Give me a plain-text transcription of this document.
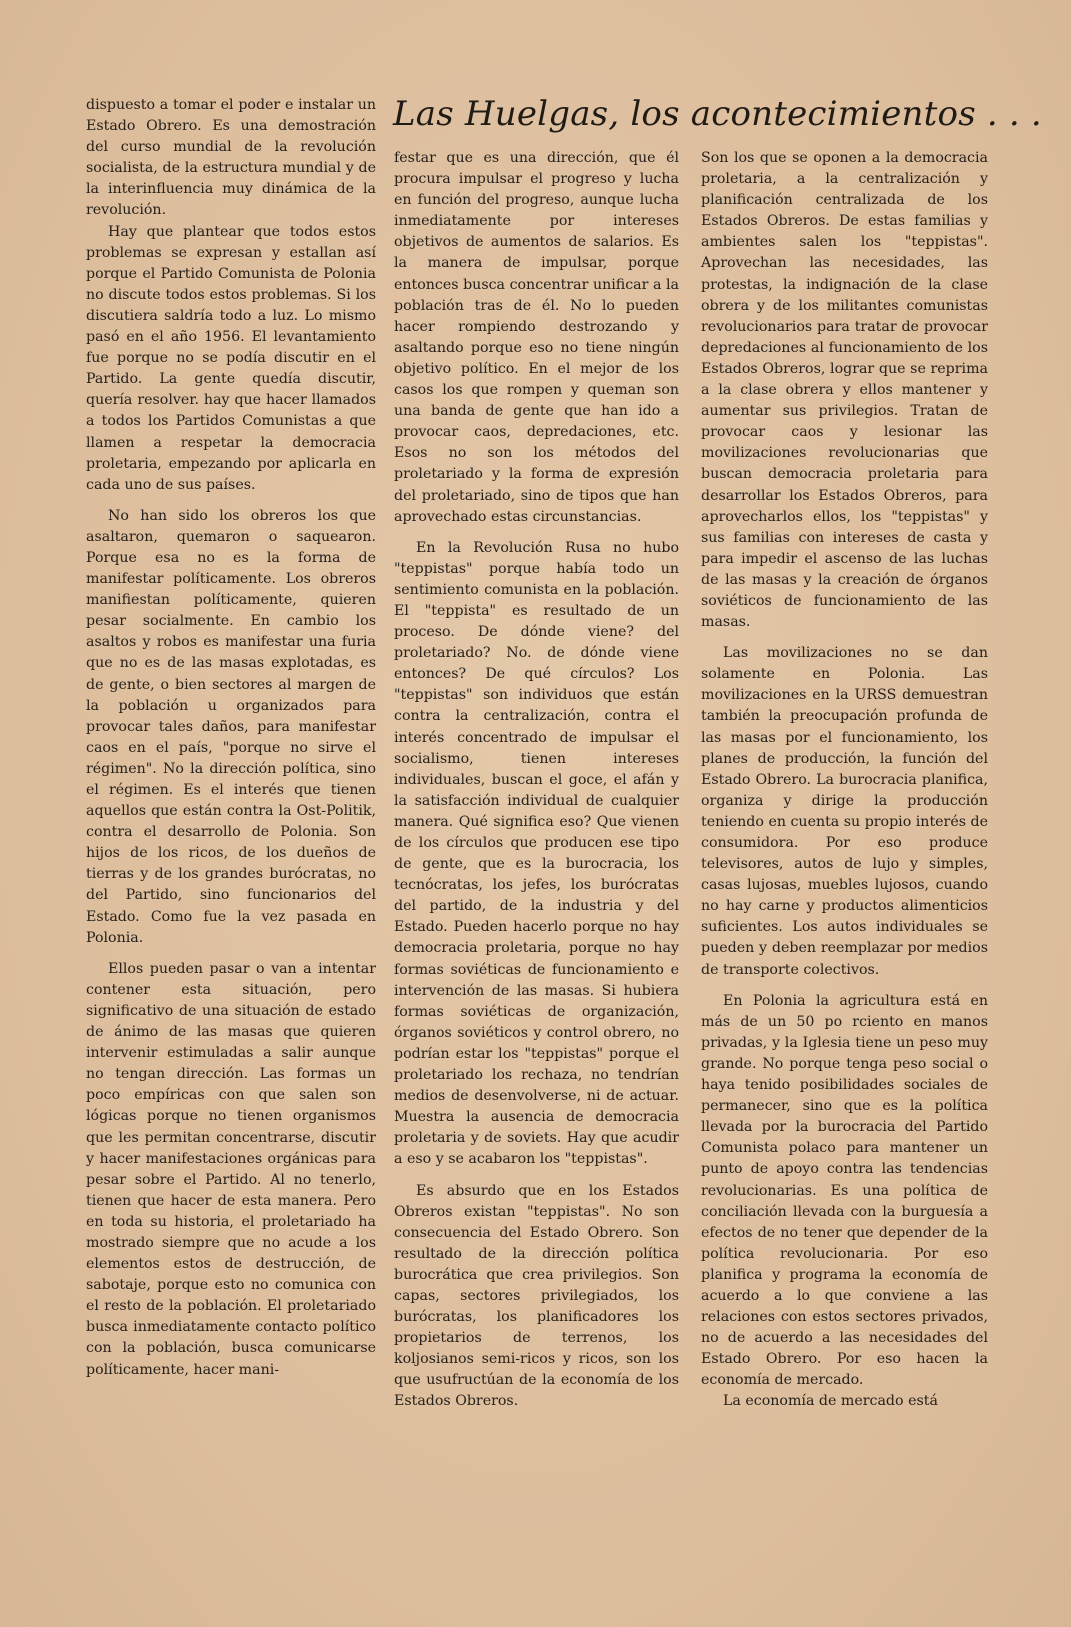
Las Huelgas, los acontecimientos . . .

dispuesto a tomar el poder e instalar un Estado Obrero. Es una demostración del curso mundial de la revolución socialista, de la estructura mundial y de la interinfluencia muy dinámica de la revolución.

Hay que plantear que todos estos problemas se expresan y estallan así porque el Partido Comunista de Polonia no discute todos estos problemas. Si los discutiera saldría todo a luz. Lo mismo pasó en el año 1956. El levantamiento fue porque no se podía discutir en el Partido. La gente quedía discutir, quería resolver. hay que hacer llamados a todos los Partidos Comunistas a que llamen a respetar la democracia proletaria, empezando por aplicarla en cada uno de sus países.

No han sido los obreros los que asaltaron, quemaron o saquearon. Porque esa no es la forma de manifestar políticamente. Los obreros manifiestan políticamente, quieren pesar socialmente. En cambio los asaltos y robos es manifestar una furia que no es de las masas explotadas, es de gente, o bien sectores al margen de la población u organizados para provocar tales daños, para manifestar caos en el país, "porque no sirve el régimen". No la dirección política, sino el régimen. Es el interés que tienen aquellos que están contra la Ost-Politik, contra el desarrollo de Polonia. Son hijos de los ricos, de los dueños de tierras y de los grandes burócratas, no del Partido, sino funcionarios del Estado. Como fue la vez pasada en Polonia.

Ellos pueden pasar o van a intentar contener esta situación, pero significativo de una situación de estado de ánimo de las masas que quieren intervenir estimuladas a salir aunque no tengan dirección. Las formas un poco empíricas con que salen son lógicas porque no tienen organismos que les permitan concentrarse, discutir y hacer manifestaciones orgánicas para pesar sobre el Partido. Al no tenerlo, tienen que hacer de esta manera. Pero en toda su historia, el proletariado ha mostrado siempre que no acude a los elementos estos de destrucción, de sabotaje, porque esto no comunica con el resto de la población. El proletariado busca inmediatamente contacto político con la población, busca comunicarse políticamente, hacer mani-

festar que es una dirección, que él procura impulsar el progreso y lucha en función del progreso, aunque lucha inmediatamente por intereses objetivos de aumentos de salarios. Es la manera de impulsar, porque entonces busca concentrar unificar a la población tras de él. No lo pueden hacer rompiendo destrozando y asaltando porque eso no tiene ningún objetivo político. En el mejor de los casos los que rompen y queman son una banda de gente que han ido a provocar caos, depredaciones, etc. Esos no son los métodos del proletariado y la forma de expresión del proletariado, sino de tipos que han aprovechado estas circunstancias.

En la Revolución Rusa no hubo "teppistas" porque había todo un sentimiento comunista en la población. El "teppista" es resultado de un proceso. De dónde viene? del proletariado? No. de dónde viene entonces? De qué círculos? Los "teppistas" son individuos que están contra la centralización, contra el interés concentrado de impulsar el socialismo, tienen intereses individuales, buscan el goce, el afán y la satisfacción individual de cualquier manera. Qué significa eso? Que vienen de los círculos que producen ese tipo de gente, que es la burocracia, los tecnócratas, los jefes, los burócratas del partido, de la industria y del Estado. Pueden hacerlo porque no hay democracia proletaria, porque no hay formas soviéticas de funcionamiento e intervención de las masas. Si hubiera formas soviéticas de organización, órganos soviéticos y control obrero, no podrían estar los "teppistas" porque el proletariado los rechaza, no tendrían medios de desenvolverse, ni de actuar. Muestra la ausencia de democracia proletaria y de soviets. Hay que acudir a eso y se acabaron los "teppistas".

Es absurdo que en los Estados Obreros existan "teppistas". No son consecuencia del Estado Obrero. Son resultado de la dirección política burocrática que crea privilegios. Son capas, sectores privilegiados, los burócratas, los planificadores los propietarios de terrenos, los koljosianos semi-ricos y ricos, son los que usufructúan de la economía de los Estados Obreros.

Son los que se oponen a la democracia proletaria, a la centralización y planificación centralizada de los Estados Obreros. De estas familias y ambientes salen los "teppistas". Aprovechan las necesidades, las protestas, la indignación de la clase obrera y de los militantes comunistas revolucionarios para tratar de provocar depredaciones al funcionamiento de los Estados Obreros, lograr que se reprima a la clase obrera y ellos mantener y aumentar sus privilegios. Tratan de provocar caos y lesionar las movilizaciones revolucionarias que buscan democracia proletaria para desarrollar los Estados Obreros, para aprovecharlos ellos, los "teppistas" y sus familias con intereses de casta y para impedir el ascenso de las luchas de las masas y la creación de órganos soviéticos de funcionamiento de las masas.

Las movilizaciones no se dan solamente en Polonia. Las movilizaciones en la URSS demuestran también la preocupación profunda de las masas por el funcionamiento, los planes de producción, la función del Estado Obrero. La burocracia planifica, organiza y dirige la producción teniendo en cuenta su propio interés de consumidora. Por eso produce televisores, autos de lujo y simples, casas lujosas, muebles lujosos, cuando no hay carne y productos alimenticios suficientes. Los autos individuales se pueden y deben reemplazar por medios de transporte colectivos.

En Polonia la agricultura está en más de un 50 po rciento en manos privadas, y la Iglesia tiene un peso muy grande. No porque tenga peso social o haya tenido posibilidades sociales de permanecer, sino que es la política llevada por la burocracia del Partido Comunista polaco para mantener un punto de apoyo contra las tendencias revolucionarias. Es una política de conciliación llevada con la burguesía a efectos de no tener que depender de la política revolucionaria. Por eso planifica y programa la economía de acuerdo a lo que conviene a las relaciones con estos sectores privados, no de acuerdo a las necesidades del Estado Obrero. Por eso hacen la economía de mercado.

La economía de mercado está
